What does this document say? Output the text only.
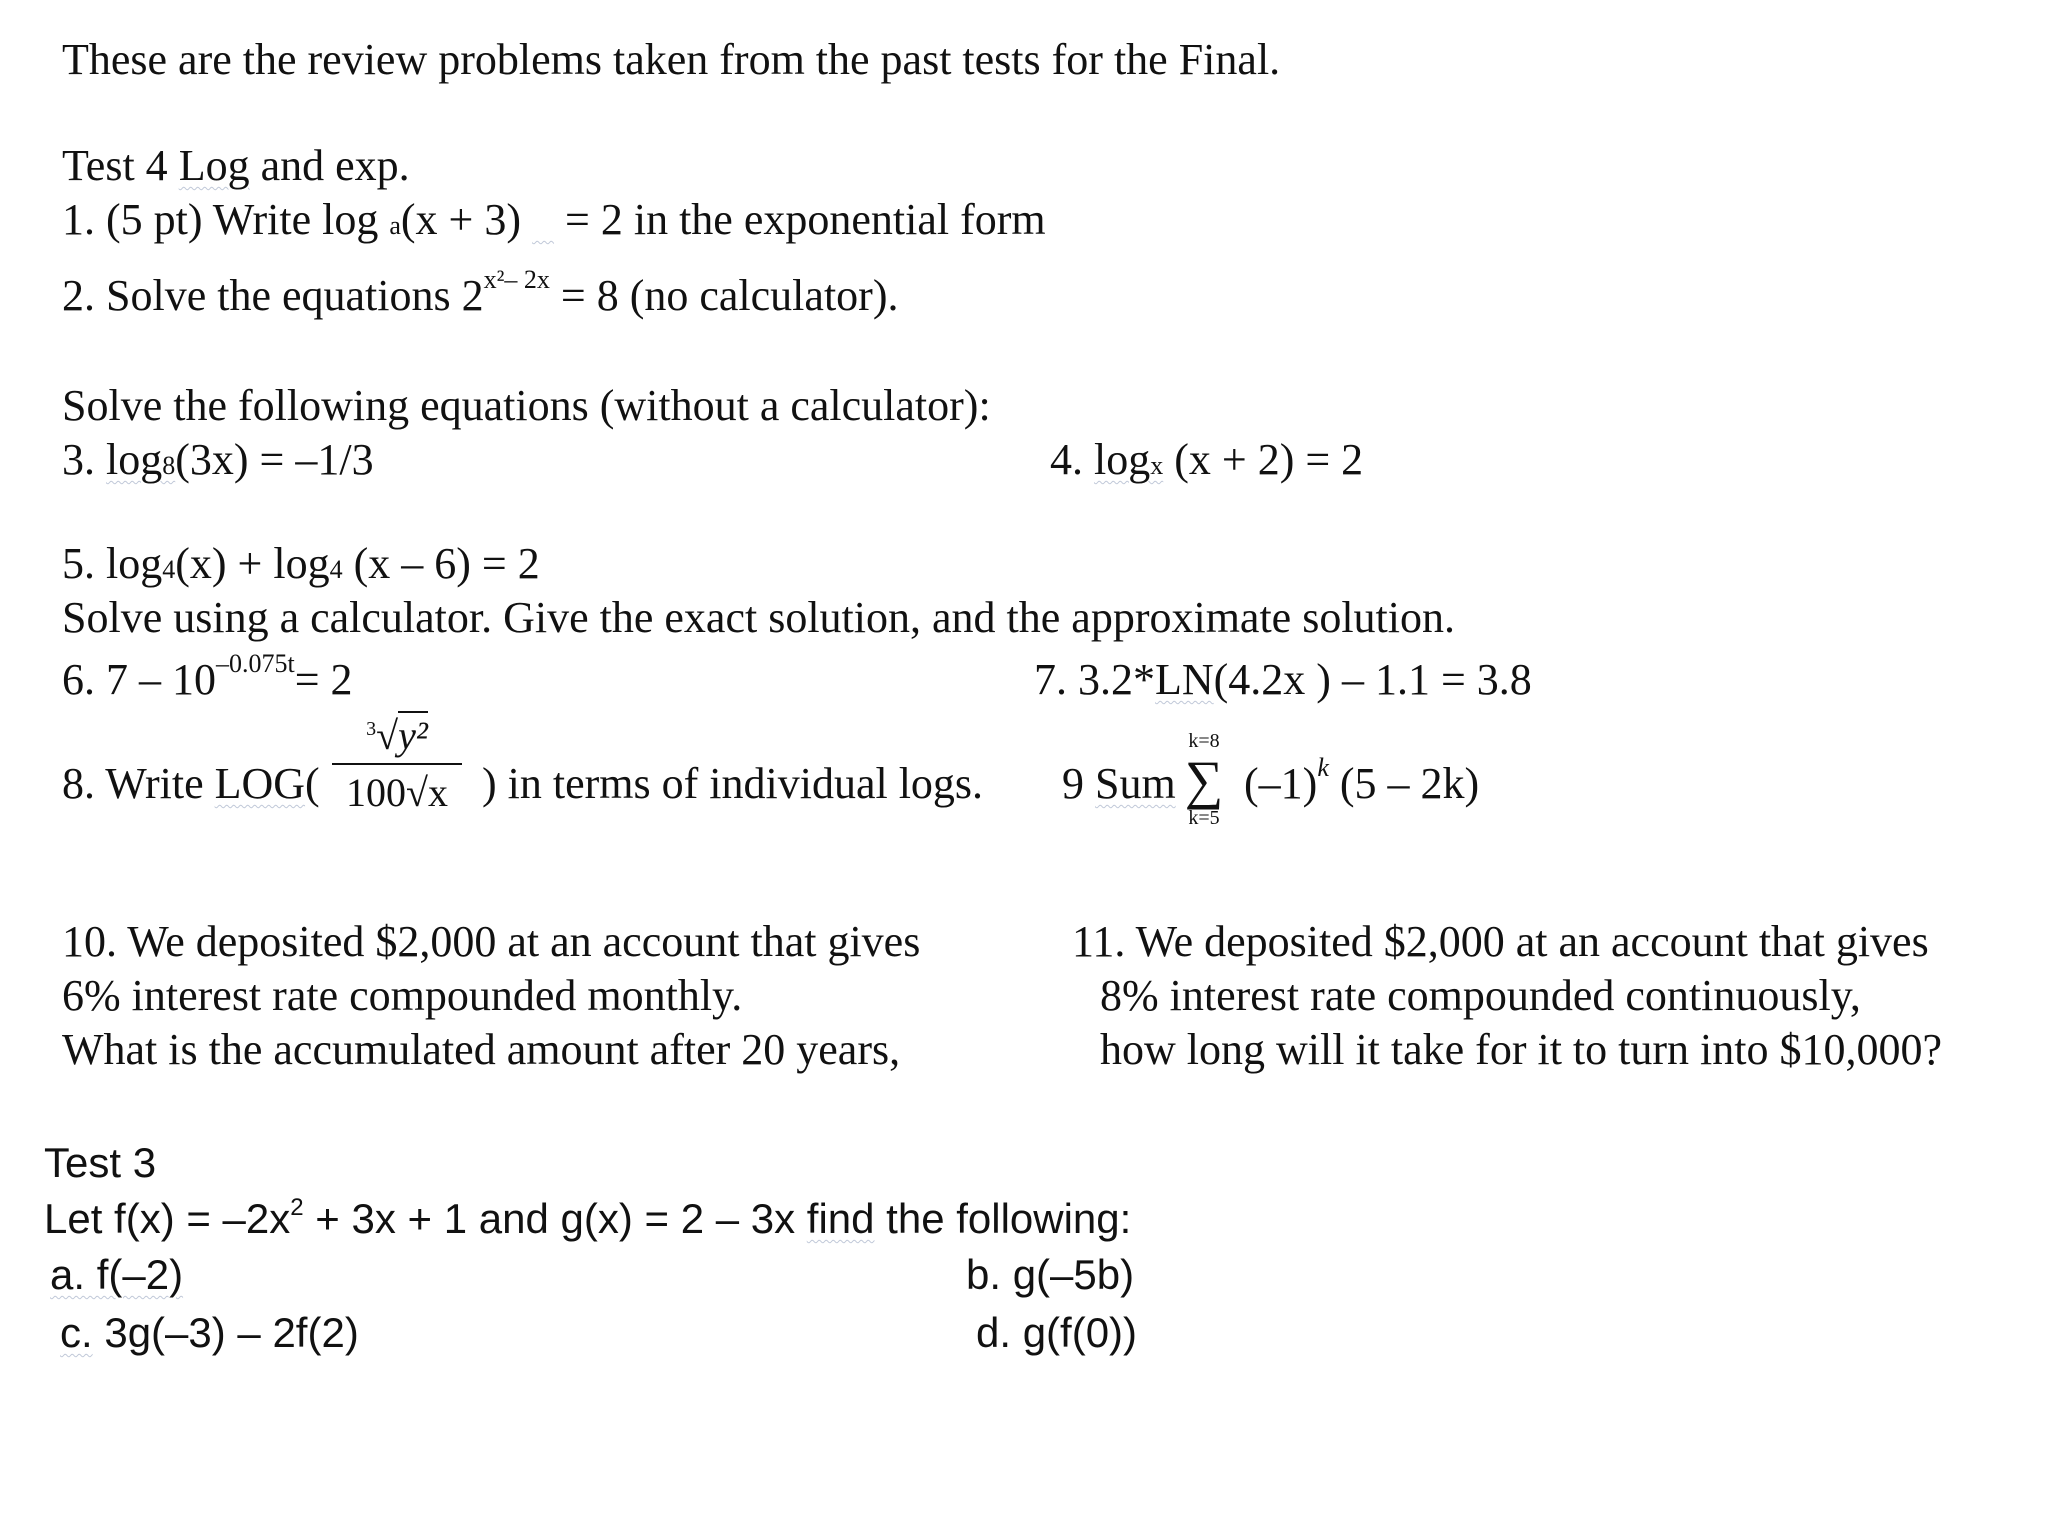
These are the review problems taken from the past tests for the Final.
Test 4 Log and exp.
1. (5 pt) Write log a(x + 3)    = 2 in the exponential form
2. Solve the equations $2^{x^2- 2x} = 8$ (no calculator).
Solve the following equations (without a calculator):
3. log8(3x) = –1/3	4. logx (x + 2) = 2
5. log4(x) + log4 (x – 6) = 2
Solve using a calculator. Give the exact solution, and the approximate solution.
6. $7 - 10^{-0.075t}= 2$	7. 3.2*LN(4.2x ) – 1.1 = 3.8
8. Write LOG(
$^3$√y²
100√x ) in terms of individual logs. 9 Sum
k=8
∑
k=5
$(-1)^k$ (5 – 2k)
10. We deposited $2,000 at an account that gives
6% interest rate compounded monthly.
What is the accumulated amount after 20 years,
11. We deposited $2,000 at an account that gives
8% interest rate compounded continuously,
how long will it take for it to turn into $10,000?
Test 3
Let $f(x) = -2x^2 + 3x + 1$ and g(x) = 2 – 3x find the following:
a. f(–2)	b. g(–5b)
c. 3g(–3) – 2f(2)	d. g(f(0))
